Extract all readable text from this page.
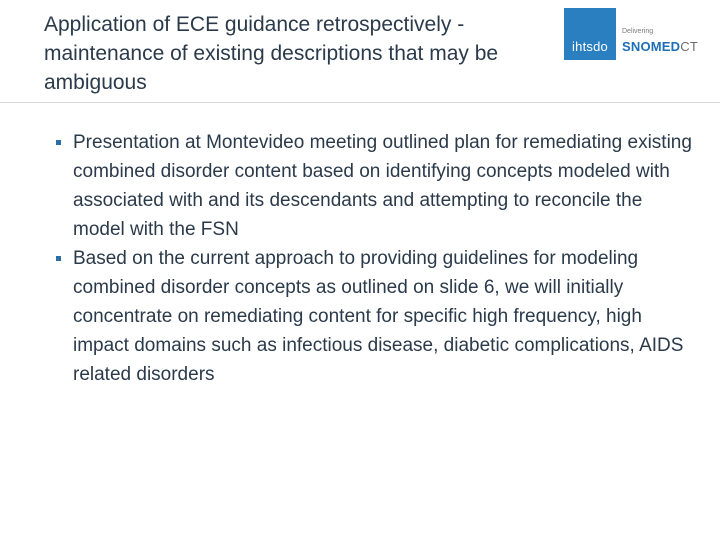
Application of ECE guidance retrospectively - maintenance of existing descriptions that may be ambiguous
ihtsdo
Delivering
SNOMEDCT
Presentation at Montevideo meeting outlined plan for remediating existing combined disorder content based on identifying concepts modeled with associated with and its descendants and attempting to reconcile the model with the FSN
Based on the current approach to providing guidelines for modeling combined disorder concepts as outlined on slide 6, we will initially concentrate on remediating content for specific high frequency, high impact domains such as infectious disease, diabetic complications, AIDS related disorders
